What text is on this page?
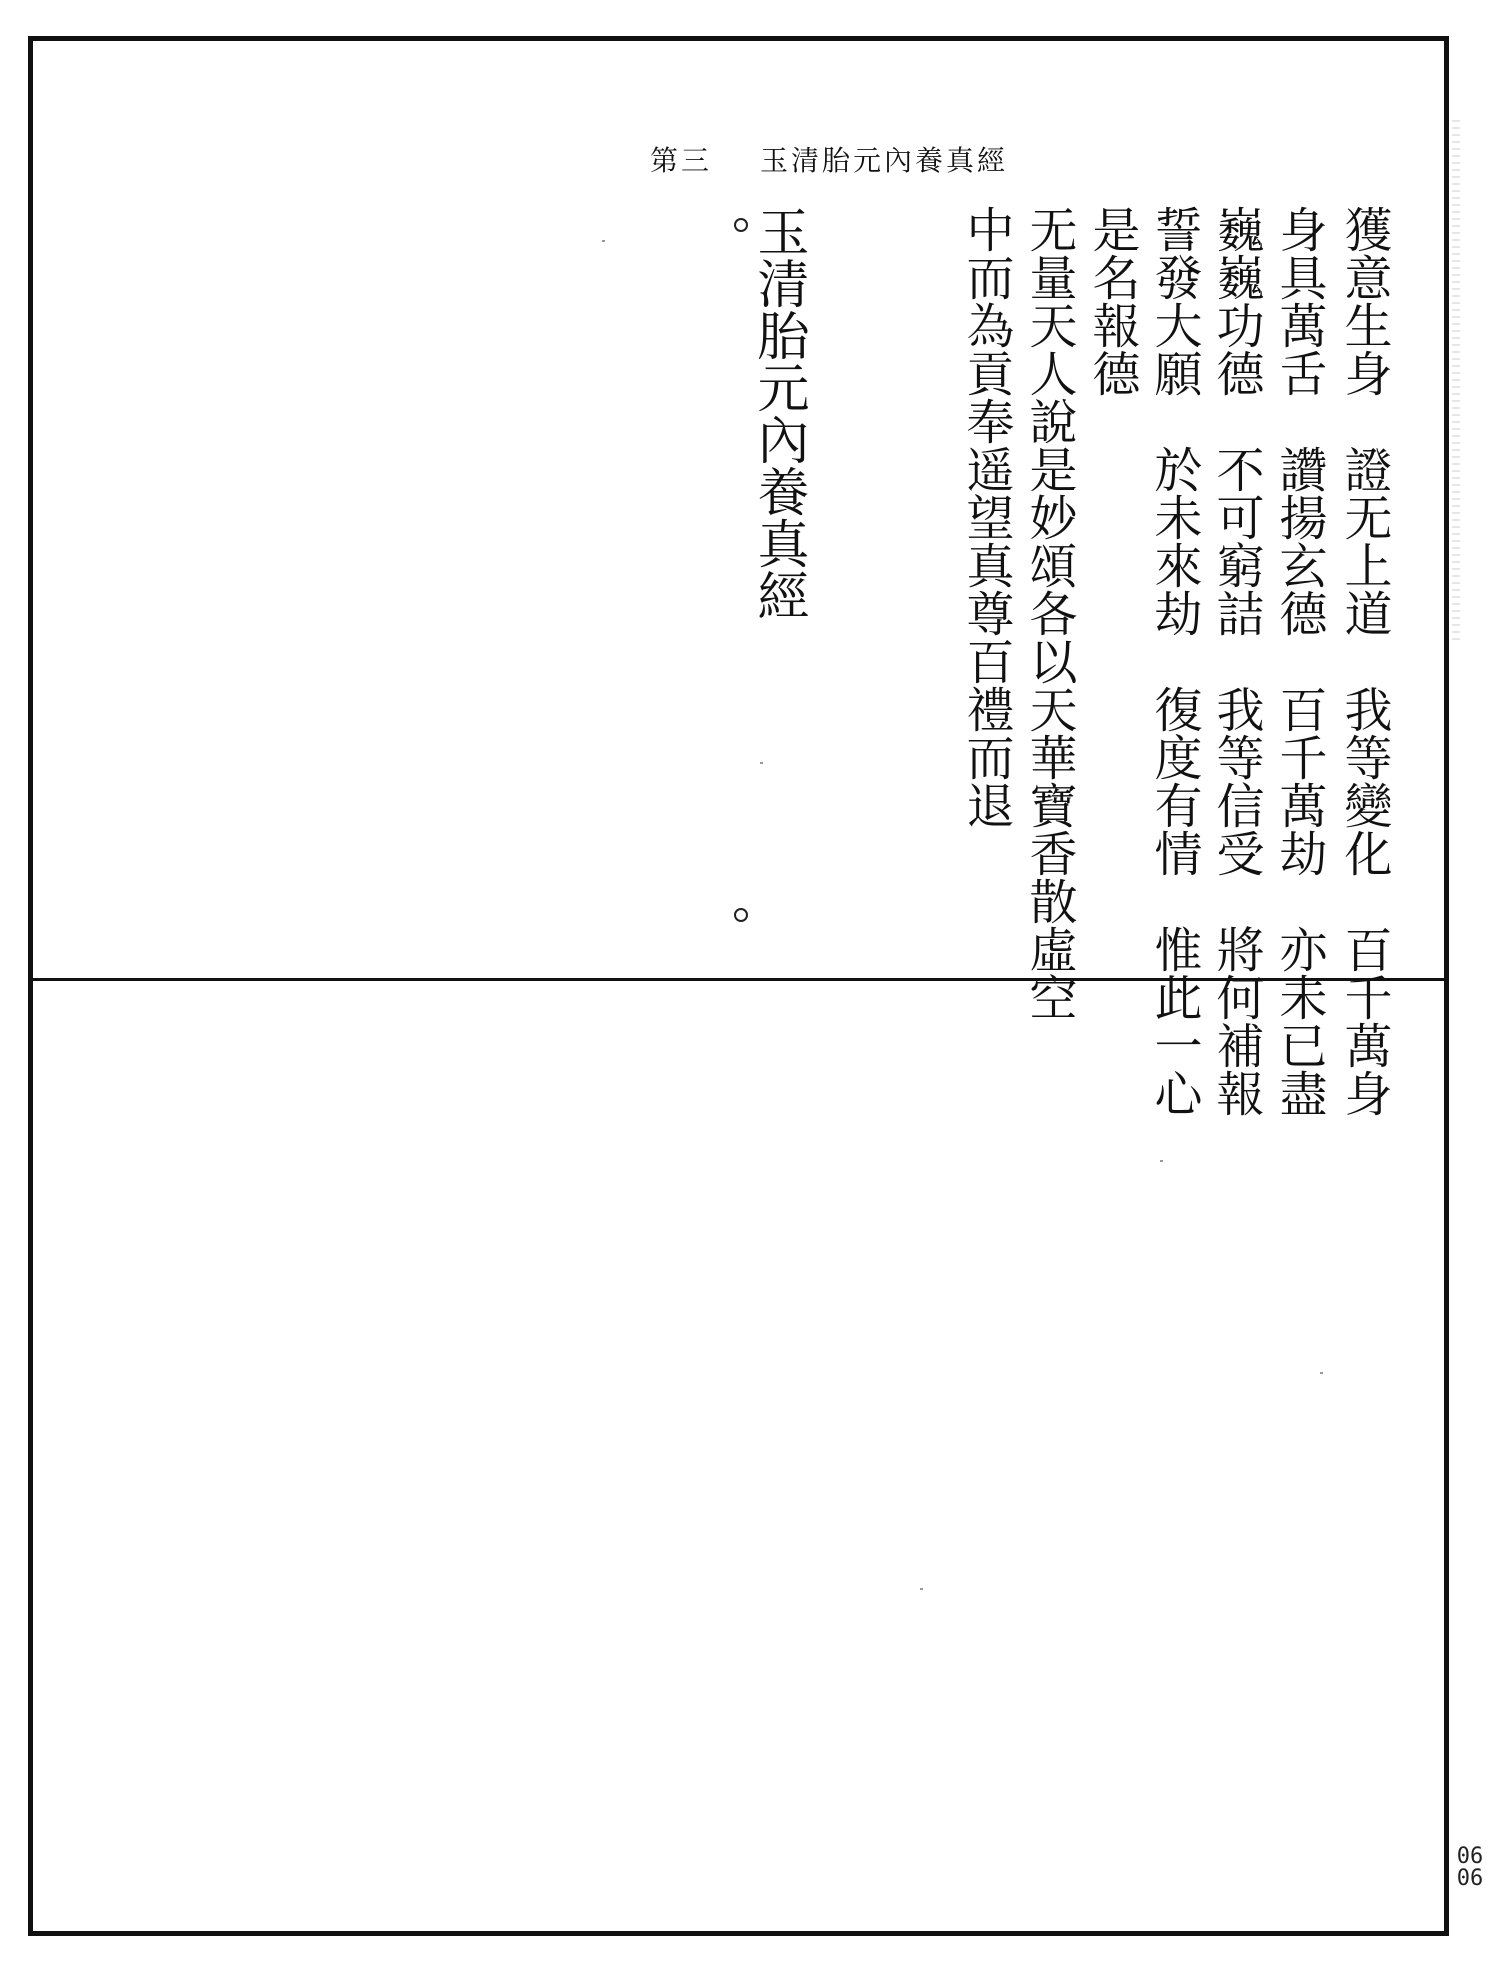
玉清胎元內養真經
第三
獲意生身　證无上道　我等變化　百千萬身
身具萬舌　讚揚玄德　百千萬劫　亦未已盡
巍巍功德　不可窮詰　我等信受　將何補報
誓發大願　於未來劫　復度有情　惟此一心
是名報德
无量天人說是妙頌各以天華寶香散虛空
中而為貢奉遥望真尊百禮而退
玉清胎元內養真經
0606
